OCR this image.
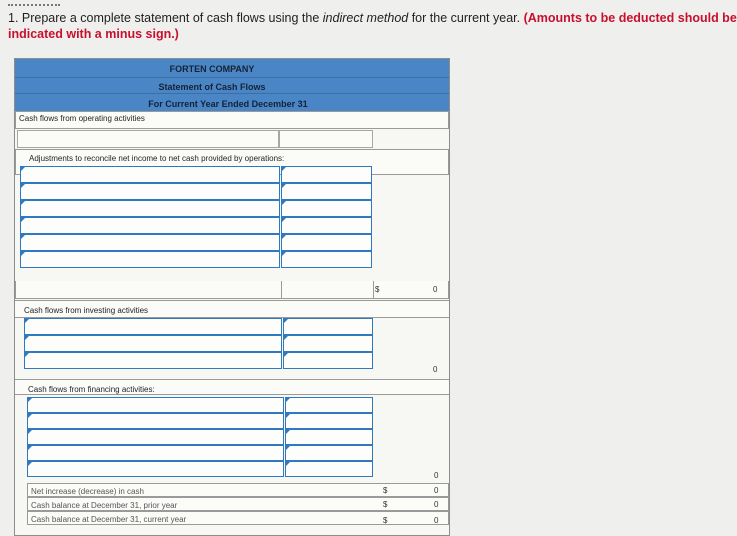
1. Prepare a complete statement of cash flows using the indirect method for the current year. (Amounts to be deducted should be
indicated with a minus sign.)
FORTEN COMPANY
Statement of Cash Flows
For Current Year Ended December 31
Cash flows from operating activities
Adjustments to reconcile net income to net cash provided by operations:
$	0
Cash flows from investing activities
0
Cash flows from financing activities:
0
Net increase (decrease) in cash	$	0
Cash balance at December 31, prior year	$	0
Cash balance at December 31, current year	$	0
